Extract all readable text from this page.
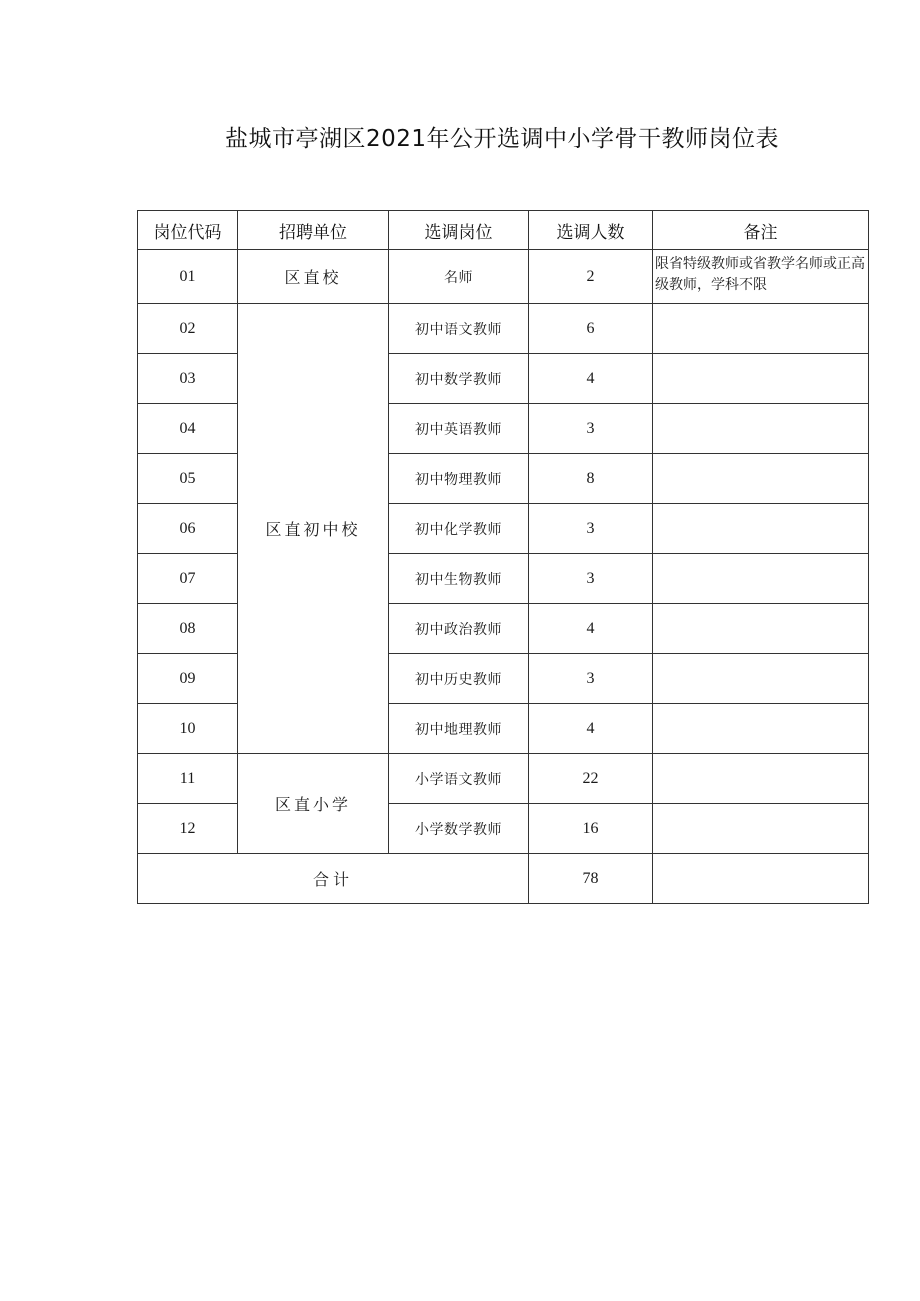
盐城市亭湖区2021年公开选调中小学骨干教师岗位表
岗位代码	招聘单位	选调岗位	选调人数	备注
01	区直校	名师	2	限省特级教师或省教学名师或正高级教师，学科不限
02	区直初中校	初中语文教师	6	
03		初中数学教师	4	
04		初中英语教师	3	
05		初中物理教师	8	
06		初中化学教师	3	
07		初中生物教师	3	
08		初中政治教师	4	
09		初中历史教师	3	
10		初中地理教师	4	
11	区直小学	小学语文教师	22	
12		小学数学教师	16	
合计			78	
